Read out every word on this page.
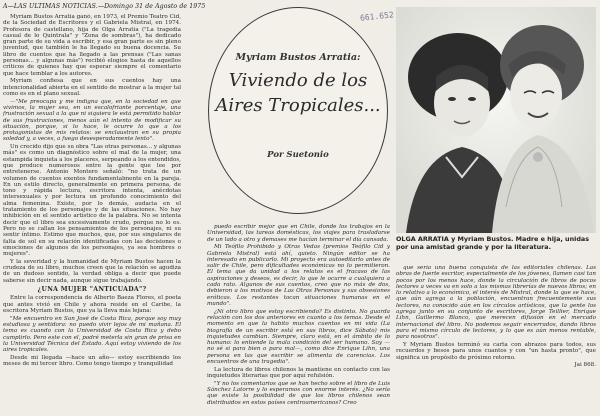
A—LAS ULTIMAS NOTICIAS.—Domingo 31 de Agosto de 1975
661.652

Myriam Bustos Arratia ganó, en 1973, el Premio Teatro Cid, de la Sociedad de Escritores y el Gabriela Mistral, en 1974. Profesora de castellano, hija de Olga Arratia ("La tragedia casual de lo Quintrala" y "Zona de sombras"), ha dedicado gran parte de su vida a escribir, y esa gran parte es sin pleno juventud, que también le ha llegado su buena docencia. Su libro de cuentos que ha llegado a las prensas ("Las sanas personas... y algunas más") recibió elogios hasta de aquellos críticos de quienes hay que esperar siempre el comentario que hace temblar a los autores.

Myriam confiesa que en sus cuentos hay una intencionalidad abierta en el sentido de mostrar a la mujer tal como es en el plano sexual.

—"Me preocupa y me indigna que, en la sociedad en que vivimos, la mujer sea, en un escalofriante porcentaje, una frustración sexual a la que ni siquiera le está permitido hablar de sus frustraciones, menos aún el intento de modificar su situación, porque, si lo hace, le ocurre lo que a los protagonistas de mis relatos: se enclaustran en su propia soledad y, a veces, a fuego desesperadamente lento".

Un crecido dijo que su obra "Las otras personas... y algunas más" es como un diagnóstico sobre el mal de la mujer, una estampida inquieta a los placeres, serpeando a los entendidos, que produce numerosos entre la gente que lee por entretenerse. Antonio Montero señaló: "no trata de un volumen de cuentos exentos fundamentalmente en la pareja. En un estilo directo, generalmente en primera persona, de tono y rápida lectura, escritora intenta, anécdotas intersexuales y por lectura un profundo conocimiento del alma femenina. Existe, por lo demás, audacia en el tratamiento de los personajes y de las situaciones. No hay inhibición en el sentido artístico de la palabra. No se intenta decir que el libro sea excesivamente crudo, porque no lo es. Pero no se callan los pensamientos de los personajes, ni su sentir íntimo. Estimo que muchos, que, por sus singulares de falta de sol en su relación identificadas con las decisiones o emociones de algunos de los personajes, ya sea hombres o mujeres".

Y la severidad y la humanidad de Myriam Bustos hacen la crudeza de su libro, muchos creen que la relación se agudiza de un dudoso sentido, la verdad obliga a decir que puede saberse sin decir nada, aunque sigue trabajando.

¿UNA MUJER "ANTICUADA"?

Entre la correspondencia de Alberto Baeza Flores, el poeta que antes vivió en Chile y ahora reside en el Caribe, la escritora Myriam Bustos, que ya la lleva más lejana:

"Me encuentro en San José de Costa Rica, porque soy muy estudiosa y sentidora: no puedo vivir lejos de mi mañana. El tema es cuando con la Universidad de Costa Rica y debo cumplirlo. Pero este con el, podré meterla sin gran de prisa en la Universidad Técnica del Estado. Aquí estoy viviendo de los aires tropicales.

Desde mi llegada —hace un año— estoy escribiendo los meses de mi tercer libro. Como tengo tiempo y tranquilidad

Myriam Bustos Arratia:
Viviendo de los Aires Tropicales...
Por Suetonio

puedo escribir mejor que en Chile, donde los trabajos en la Universidad, las tareas domésticas, los viajes para trasladarse de un lado a otro y demases me hacían terminar el día cansada.

Mi Teófilo Prohibido y Otras Vedas (premios Teófilo Cid y Gabriela Mistral) está ahí, quieto. Ningún editor se ha interesado en publicarlo. Mi proyecto era autoeditarlo antes de salir de Chile, pero dificultades económicas no lo permitieron. El tema que da unidad a los relatos es el fracaso de las aspiraciones y deseos, es decir, lo que le ocurre a cualquiera a cada rato. Algunos de sus cuentos, creo que no más de dos, debieron a los motivos de Las Otras Personas y sus obsesiones eróticas. Los restantes tocan situaciones humanas en el mundo".

¿Ni otro libro que estoy escribiendo? Es distinto. No guarda relación con los dos anteriores en cuanto a los temas. Desde el momento en que la habito muchos cuentos en mi vida (La biografía de un escribir está en sus libros, dice Sábato) mis inquietudes cambian. Siempre, claro está, en el ámbito de lo humano: lo entiende la mala condición del ser humano. Soy —no sé si para bien o para mal—, como dice Enrique Lihn, una persona en las que escribir se alimenta de carencias. Los encuentros de una tragedia".

La lectura de libros chilenos la mantiene en contacto con las inquietudes literarias que por aquí refulsión.

"Y no los comentarios que se han hecho sobre el libro de Luis Sánchez Latorre y lo esperamos con enorme interés. ¿No sería que existe la posibilidad de que los libros chilenos sean distribuidos en estos países centroamericanos? Creo

OLGA ARRATIA y Myriam Bustos. Madre e hija, unidas por una amistad grande y por la literatura.

que sería una buena conquista de las editoriales chilenas. Las obras de fuerte escritor, especialmente de los jóvenes, llamen casi tan pocos por los menos hace, donde la circulación de libros de pocos lectores a veces va en solo a las mismas librerías de nuevos libros; en lo relativo a lo económico, el interés de Mistral, donde la que se hace, que aún agrega a la población, encuentran frecuentemente sus lectores, no conocido aún en los círculos artísticos, que la gente los agrega junto en su conjunto de escritores, Jorge Teillier, Enrique Lihn, Guillermo Blanco, que merecen difusión en el mercado internacional del libro. No podemos seguir encerrados, dando libros para el mismo círculo de lectores, y lo que es aún menos rentable, para nosotros".

Y Myriam Bustos terminó su carta con abrazos para todos, sus recuerdos y besos para unos cuantos y con "un hasta pronto", que significa un propósito de próximo retorno.

Jai 868.
